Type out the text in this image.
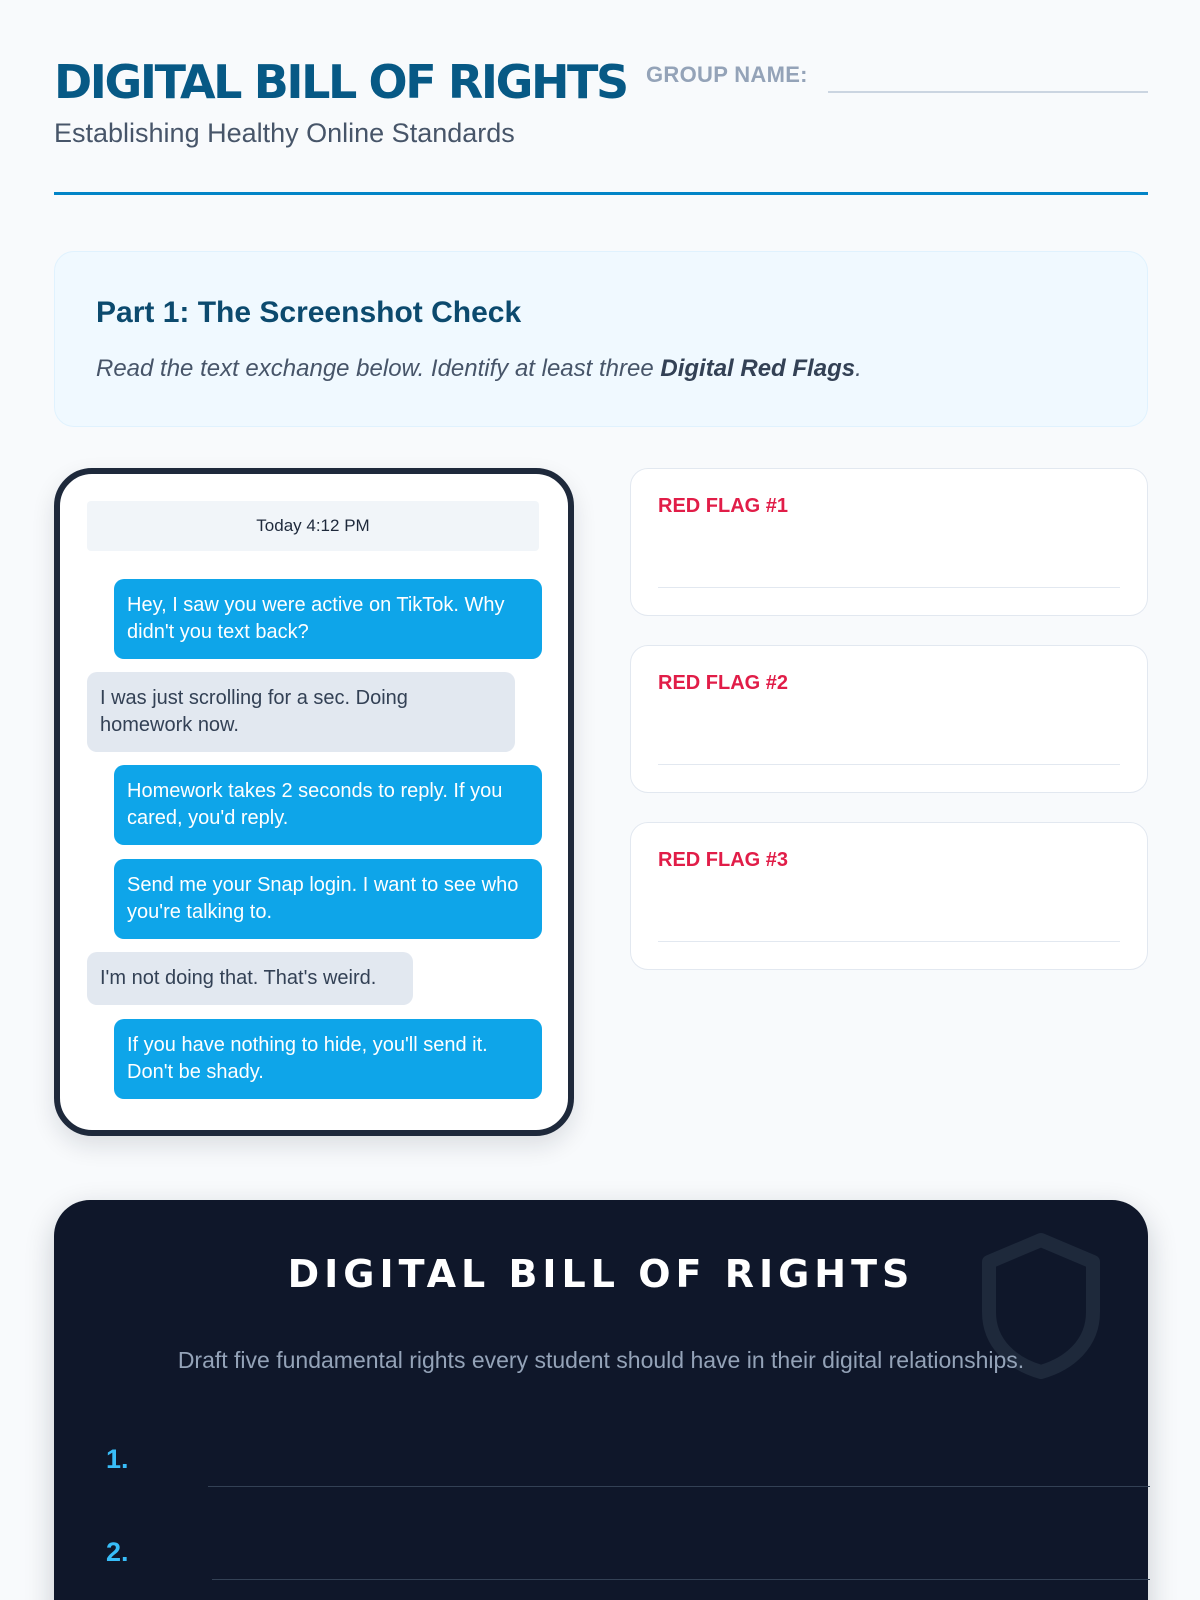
DIGITAL BILL OF RIGHTS
Establishing Healthy Online Standards
GROUP NAME:
Part 1: The Screenshot Check

Read the text exchange below. Identify at least three Digital Red Flags.

Today 4:12 PM
Hey, I saw you were active on TikTok. Why didn't you text back?
I was just scrolling for a sec. Doing homework now.
Homework takes 2 seconds to reply. If you cared, you'd reply.
Send me your Snap login. I want to see who you're talking to.
I'm not doing that. That's weird.
If you have nothing to hide, you'll send it. Don't be shady.
RED FLAG #1
RED FLAG #2
RED FLAG #3
DIGITAL BILL OF RIGHTS

Draft five fundamental rights every student should have in their digital relationships.

1.
2.
